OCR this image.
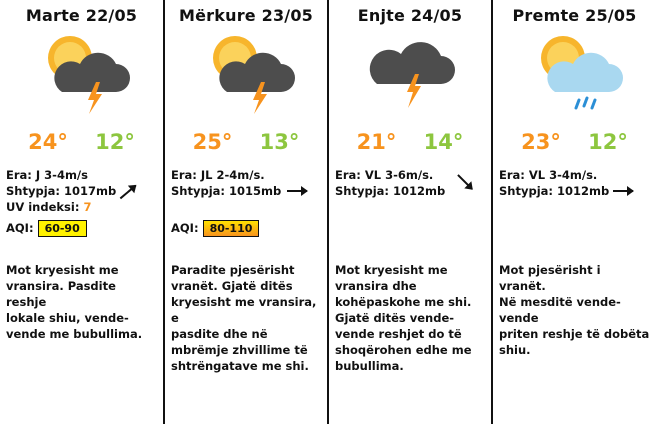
Marte 22/05
24° 12°
Era: J 3-4m/s
Shtypja: 1017mb
UV indeksi: 7
AQI: 60-90
Mot kryesisht me
vransira. Pasdite reshje
lokale shiu, vende-
vende me bubullima.
Mërkure 23/05
25° 13°
Era: JL 2-4m/s.
Shtypja: 1015mb
AQI: 80-110
Paradite pjesërisht
vranët. Gjatë ditës
kryesisht me vransira, e
pasdite dhe në
mbrëmje zhvillime të
shtrëngatave me shi.
Enjte 24/05
21° 14°
Era: VL 3-6m/s.
Shtypja: 1012mb
Mot kryesisht me
vransira dhe
kohëpaskohe me shi.
Gjatë ditës vende-
vende reshjet do të
shoqërohen edhe me
bubullima.
Premte 25/05
23° 12°
Era: VL 3-4m/s.
Shtypja: 1012mb
Mot pjesërisht i vranët.
Në mesditë vende-vende
priten reshje të dobëta
shiu.
